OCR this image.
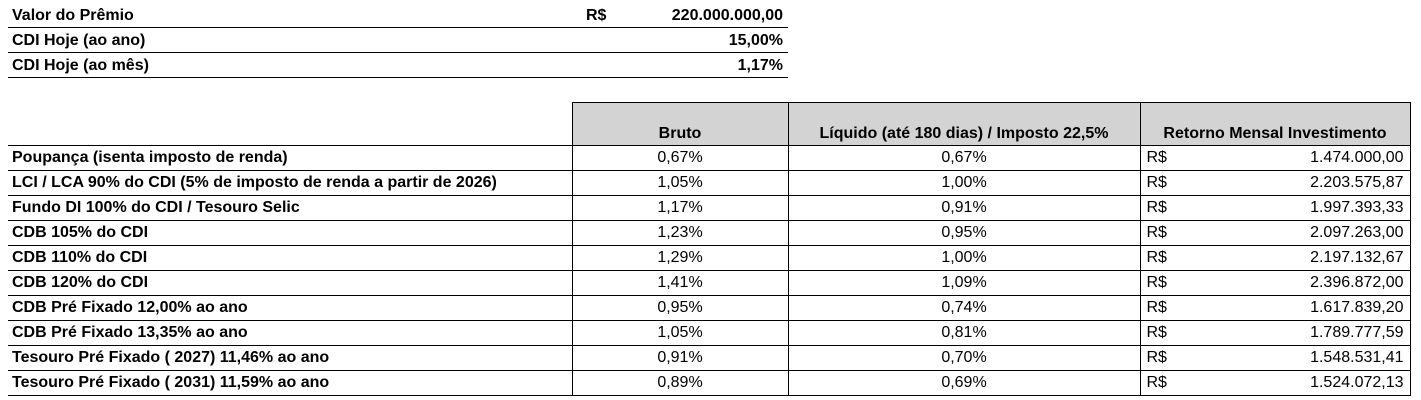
Valor do Prêmio	R$	220.000.000,00
CDI Hoje (ao ano)	15,00%
CDI Hoje (ao mês)	1,17%
	Bruto	Líquido (até 180 dias) / Imposto 22,5%	Retorno Mensal Investimento
Poupança (isenta imposto de renda)	0,67%	0,67%	R$ 1.474.000,00

LCI / LCA 90% do CDI (5% de imposto de renda a partir de 2026)	1,05%	1,00%	R$ 2.203.575,87

Fundo DI 100% do CDI / Tesouro Selic	1,17%	0,91%	R$ 1.997.393,33

CDB 105% do CDI	1,23%	0,95%	R$ 2.097.263,00

CDB 110% do CDI	1,29%	1,00%	R$ 2.197.132,67

CDB 120% do CDI	1,41%	1,09%	R$ 2.396.872,00

CDB Pré Fixado 12,00% ao ano	0,95%	0,74%	R$ 1.617.839,20

CDB Pré Fixado 13,35% ao ano	1,05%	0,81%	R$ 1.789.777,59

Tesouro Pré Fixado ( 2027) 11,46% ao ano	0,91%	0,70%	R$ 1.548.531,41

Tesouro Pré Fixado ( 2031) 11,59% ao ano	0,89%	0,69%	R$ 1.524.072,13
